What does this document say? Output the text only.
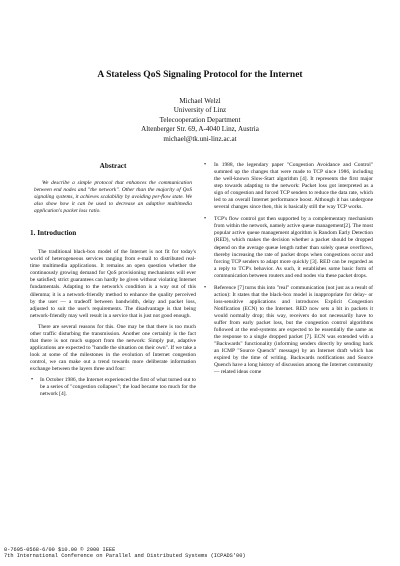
A Stateless QoS Signaling Protocol for the Internet
Michael Welzl
University of Linz
Telecooperation Department
Altenberger Str. 69, A-4040 Linz, Austria
michael@tk.uni-linz.ac.at
Abstract
We describe a simple protocol that enhances the communication between end nodes and "the network". Other than the majority of QoS signaling systems, it achieves scalability by avoiding per-flow state. We also show how it can be used to decrease an adaptive multimedia application's packet loss ratio.
1. Introduction

The traditional black-box model of the Internet is not fit for today's world of heterogeneous services ranging from e-mail to distributed real-time multimedia applications. It remains an open question whether the continuously growing demand for QoS provisioning mechanisms will ever be satisfied; strict guarantees can hardly be given without violating Internet fundamentals. Adapting to the network's condition is a way out of this dilemma; it is a network-friendly method to enhance the quality perceived by the user — a tradeoff between bandwidth, delay and packet loss, adjusted to suit the user's requirements. The disadvantage is that being network-friendly may well result in a service that is just not good enough.

There are several reasons for this. One may be that there is too much other traffic disturbing the transmission. Another one certainly is the fact that there is not much support from the network: Simply put, adaptive applications are expected to "handle the situation on their own". If we take a look at some of the milestones in the evolution of Internet congestion control, we can make out a trend towards more deliberate information exchange between the layers three and four:

• In October 1986, the Internet experienced the first of what turned out to be a series of "congestion collapses"; the load became too much for the network [4].
• In 1988, the legendary paper "Congestion Avoidance and Control" summed up the changes that were made to TCP since 1986, including the well-known Slow-Start algorithm [4]. It represents the first major step towards adapting to the network: Packet loss got interpreted as a sign of congestion and forced TCP senders to reduce the data rate, which led to an overall Internet performance boost. Although it has undergone several changes since then, this is basically still the way TCP works.
• TCP's flow control got then supported by a complementary mechanism from within the network, namely active queue management[2]. The most popular active queue management algorithm is Random Early Detection (RED), which makes the decision whether a packet should be dropped depend on the average queue length rather than solely queue overflows, thereby increasing the rate of packet drops when congestions occur and forcing TCP senders to adapt more quickly [3]. RED can be regarded as a reply to TCP's behavior. As such, it establishes some basic form of communication between routers and end nodes via these packet drops.
• Reference [7] turns this into "real" communication (not just as a result of action): It states that the black-box model is inappropriate for delay- or loss-sensitive applications and introduces Explicit Congestion Notification (ECN) to the Internet. RED now sets a bit in packets it would normally drop; this way, receivers do not necessarily have to suffer from early packet loss, but the congestion control algorithms followed at the end-systems are expected to be essentially the same as the response to a single dropped packet [7]. ECN was extended with a "Backwards" functionality (informing senders directly by sending back an ICMP "Source Quench" message) by an Internet draft which has expired by the time of writing. Backwards notifications and Source Quench have a long history of discussion among the Internet community — related ideas come
0-7695-0568-6/00 $10.00 © 2000 IEEE
7th International Conference on Parallel and Distributed Systems (ICPADS'00)
